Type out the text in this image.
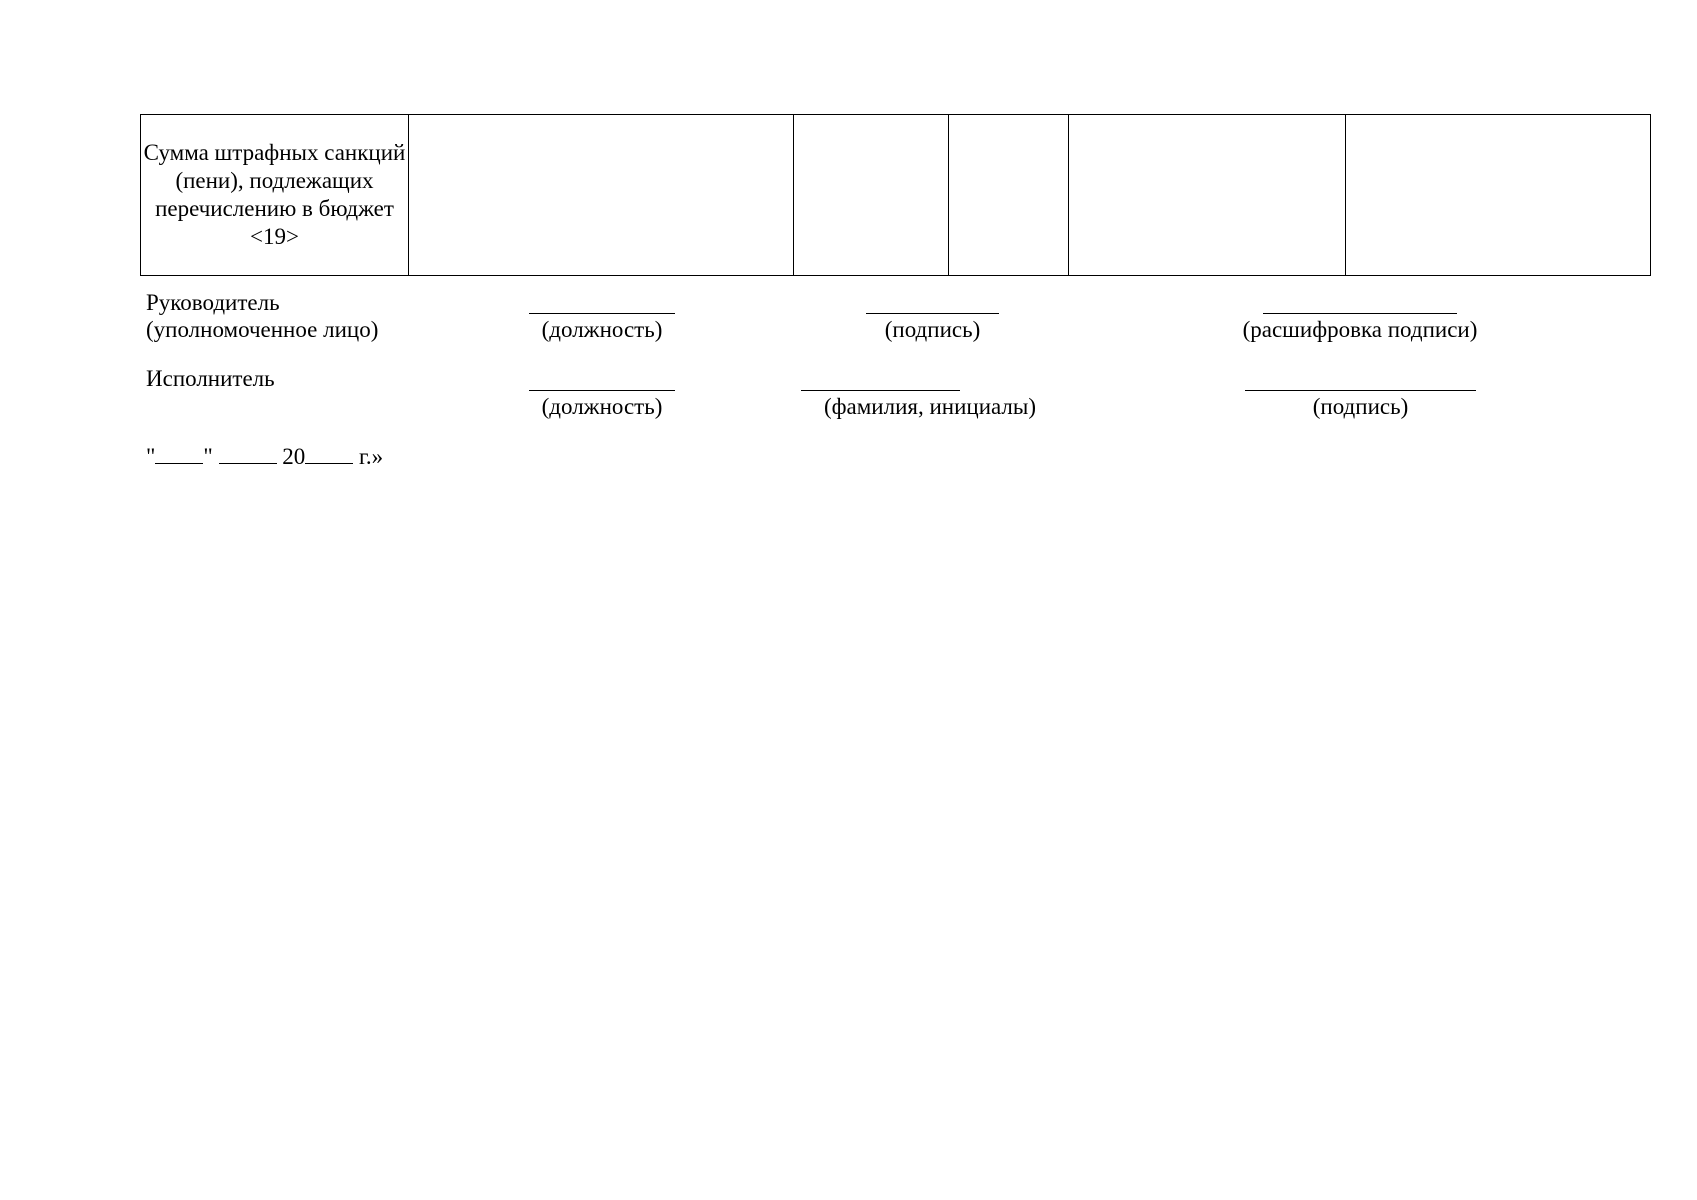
Сумма штрафных санкций (пени), подлежащих перечислению в бюджет <19>					
Руководитель
(уполномоченное лицо)	(должность)	(подпись)	(расшифровка подписи)
Исполнитель
(должность)	(фамилия, инициалы)	(подпись)
" "	20 г.»
